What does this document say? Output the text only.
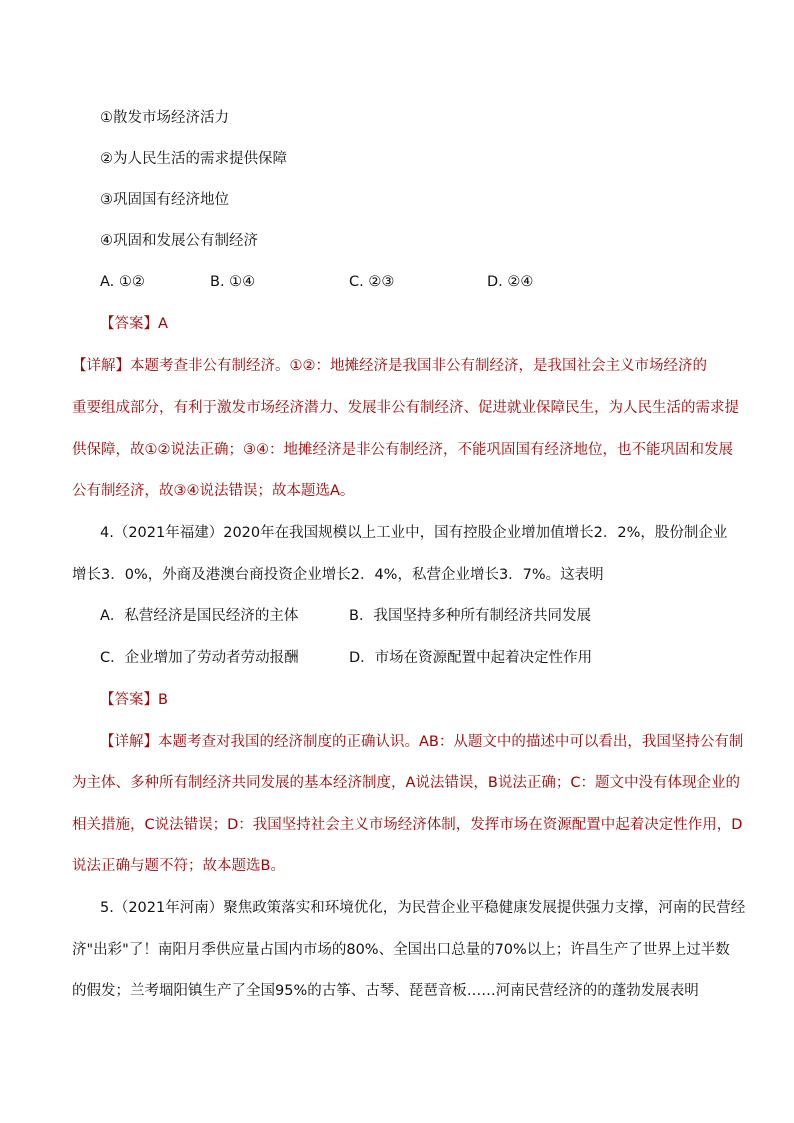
①散发市场经济活力
②为人民生活的需求提供保障
③巩固国有经济地位
④巩固和发展公有制经济
A. ①②	B. ①④	C. ②③	D. ②④
【答案】A
【详解】本题考查非公有制经济。①②：地摊经济是我国非公有制经济，是我国社会主义市场经济的
重要组成部分，有利于激发市场经济潜力、发展非公有制经济、促进就业保障民生，为人民生活的需求提
供保障，故①②说法正确；③④：地摊经济是非公有制经济，不能巩固国有经济地位，也不能巩固和发展
公有制经济，故③④说法错误；故本题选A。
4.（2021年福建）2020年在我国规模以上工业中，国有控股企业增加值增长2．2%，股份制企业
增长3．0%，外商及港澳台商投资企业增长2．4%，私营企业增长3．7%。这表明
A．私营经济是国民经济的主体	B．我国坚持多种所有制经济共同发展
C．企业增加了劳动者劳动报酬	D．市场在资源配置中起着决定性作用
【答案】B
【详解】本题考查对我国的经济制度的正确认识。AB：从题文中的描述中可以看出，我国坚持公有制
为主体、多种所有制经济共同发展的基本经济制度，A说法错误，B说法正确；C：题文中没有体现企业的
相关措施，C说法错误；D：我国坚持社会主义市场经济体制，发挥市场在资源配置中起着决定性作用，D
说法正确与题不符；故本题选B。
5.（2021年河南）聚焦政策落实和环境优化，为民营企业平稳健康发展提供强力支撑，河南的民营经
济"出彩"了！南阳月季供应量占国内市场的80%、全国出口总量的70%以上；许昌生产了世界上过半数
的假发；兰考堌阳镇生产了全国95%的古筝、古琴、琵琶音板……河南民营经济的的蓬勃发展表明
